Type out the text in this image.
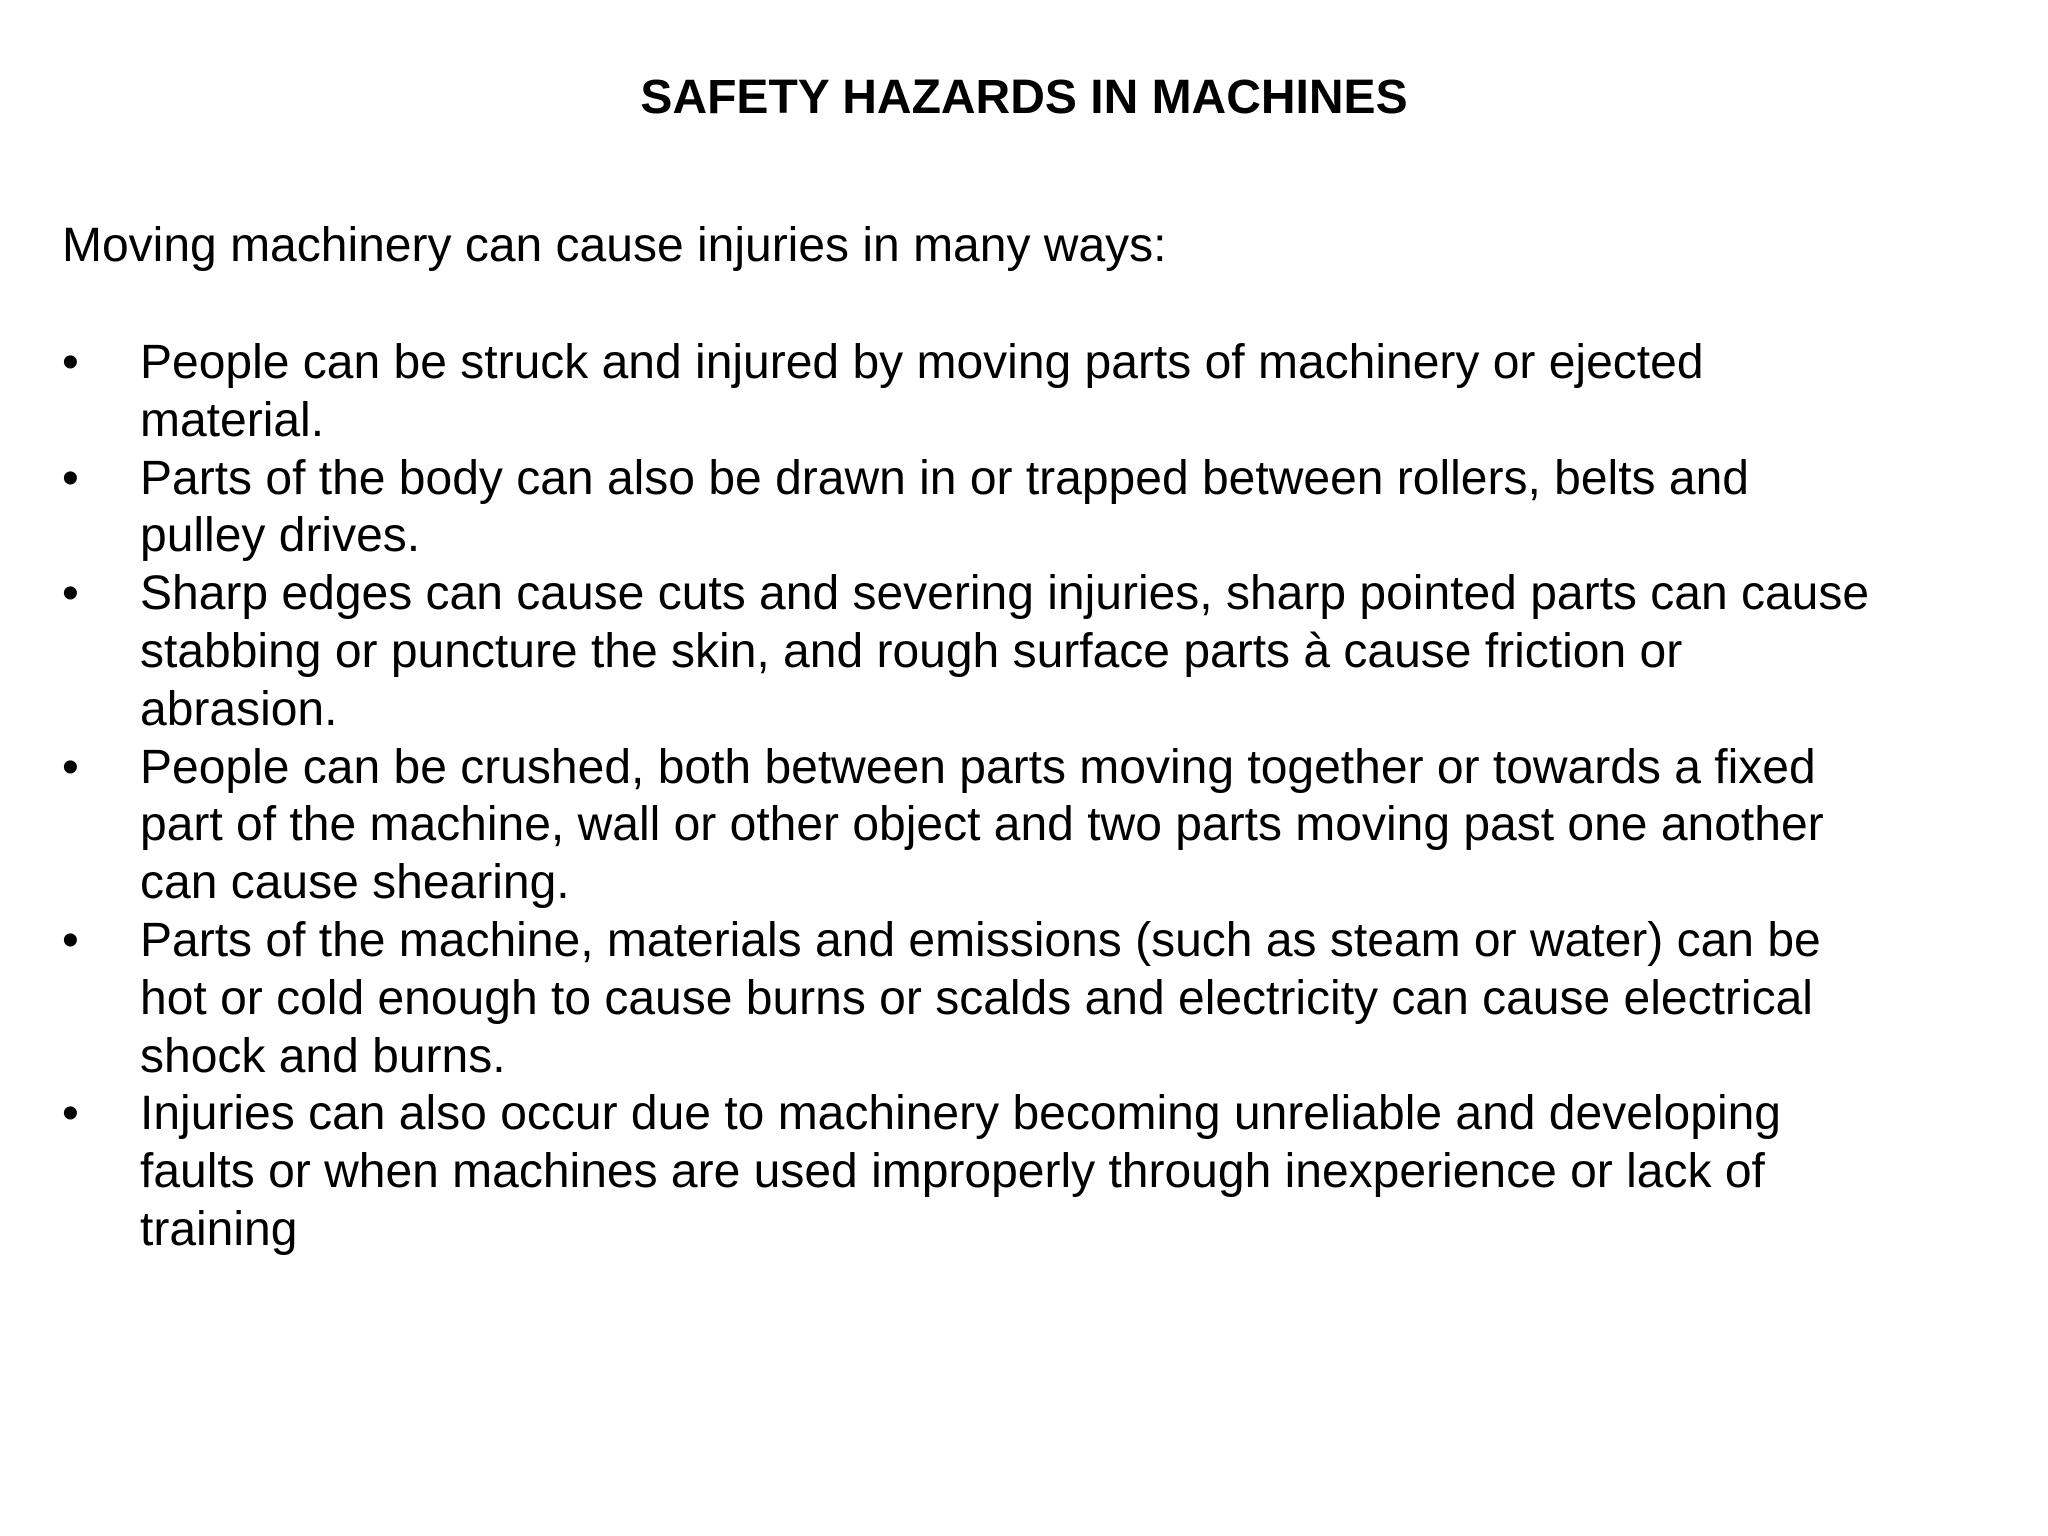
SAFETY HAZARDS IN MACHINES
Moving machinery can cause injuries in many ways:
• People can be struck and injured by moving parts of machinery or ejected
material.
• Parts of the body can also be drawn in or trapped between rollers, belts and
pulley drives.
• Sharp edges can cause cuts and severing injuries, sharp pointed parts can cause
stabbing or puncture the skin, and rough surface parts à cause friction or
abrasion.
• People can be crushed, both between parts moving together or towards a fixed
part of the machine, wall or other object and two parts moving past one another
can cause shearing.
• Parts of the machine, materials and emissions (such as steam or water) can be
hot or cold enough to cause burns or scalds and electricity can cause electrical
shock and burns.
• Injuries can also occur due to machinery becoming unreliable and developing
faults or when machines are used improperly through inexperience or lack of
training
